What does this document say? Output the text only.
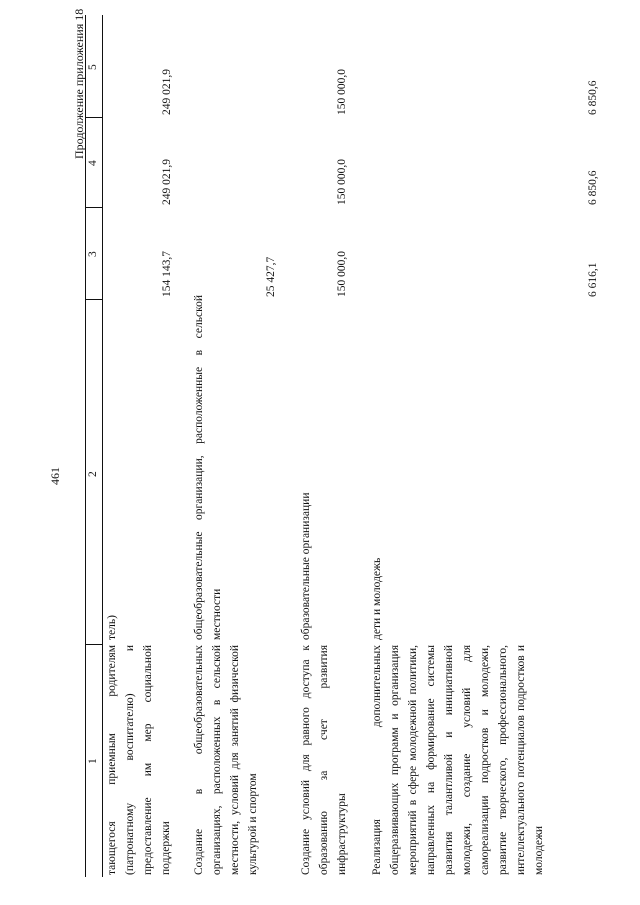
461
Продолжение приложения 18
1
2
3
4
5
тающегося приемным родителям (патронатному воспитателю) и предоставление им мер социальной поддержки
тель)
154 143,7
249 021,9
249 021,9
Создание в общеобразовательных организациях, расположенных в сельской местности, условий для занятий физической культурой и спортом
общеобразовательные организации, расположенные в сельской местности
25 427,7
Создание условий для равного доступа к образованию за счет развития инфраструктуры
образовательные организации
150 000,0
150 000,0
150 000,0
Реализация дополнительных общеразвивающих программ и организация мероприятий в сфере молодежной политики, направленных на формирование системы развития талантливой и инициативной молодежи, создание условий для самореализации подростков и молодежи, развитие творческого, профессионального, интеллектуального потенциалов подростков и молодежи
дети и молодежь
6 616,1
6 850,6
6 850,6
